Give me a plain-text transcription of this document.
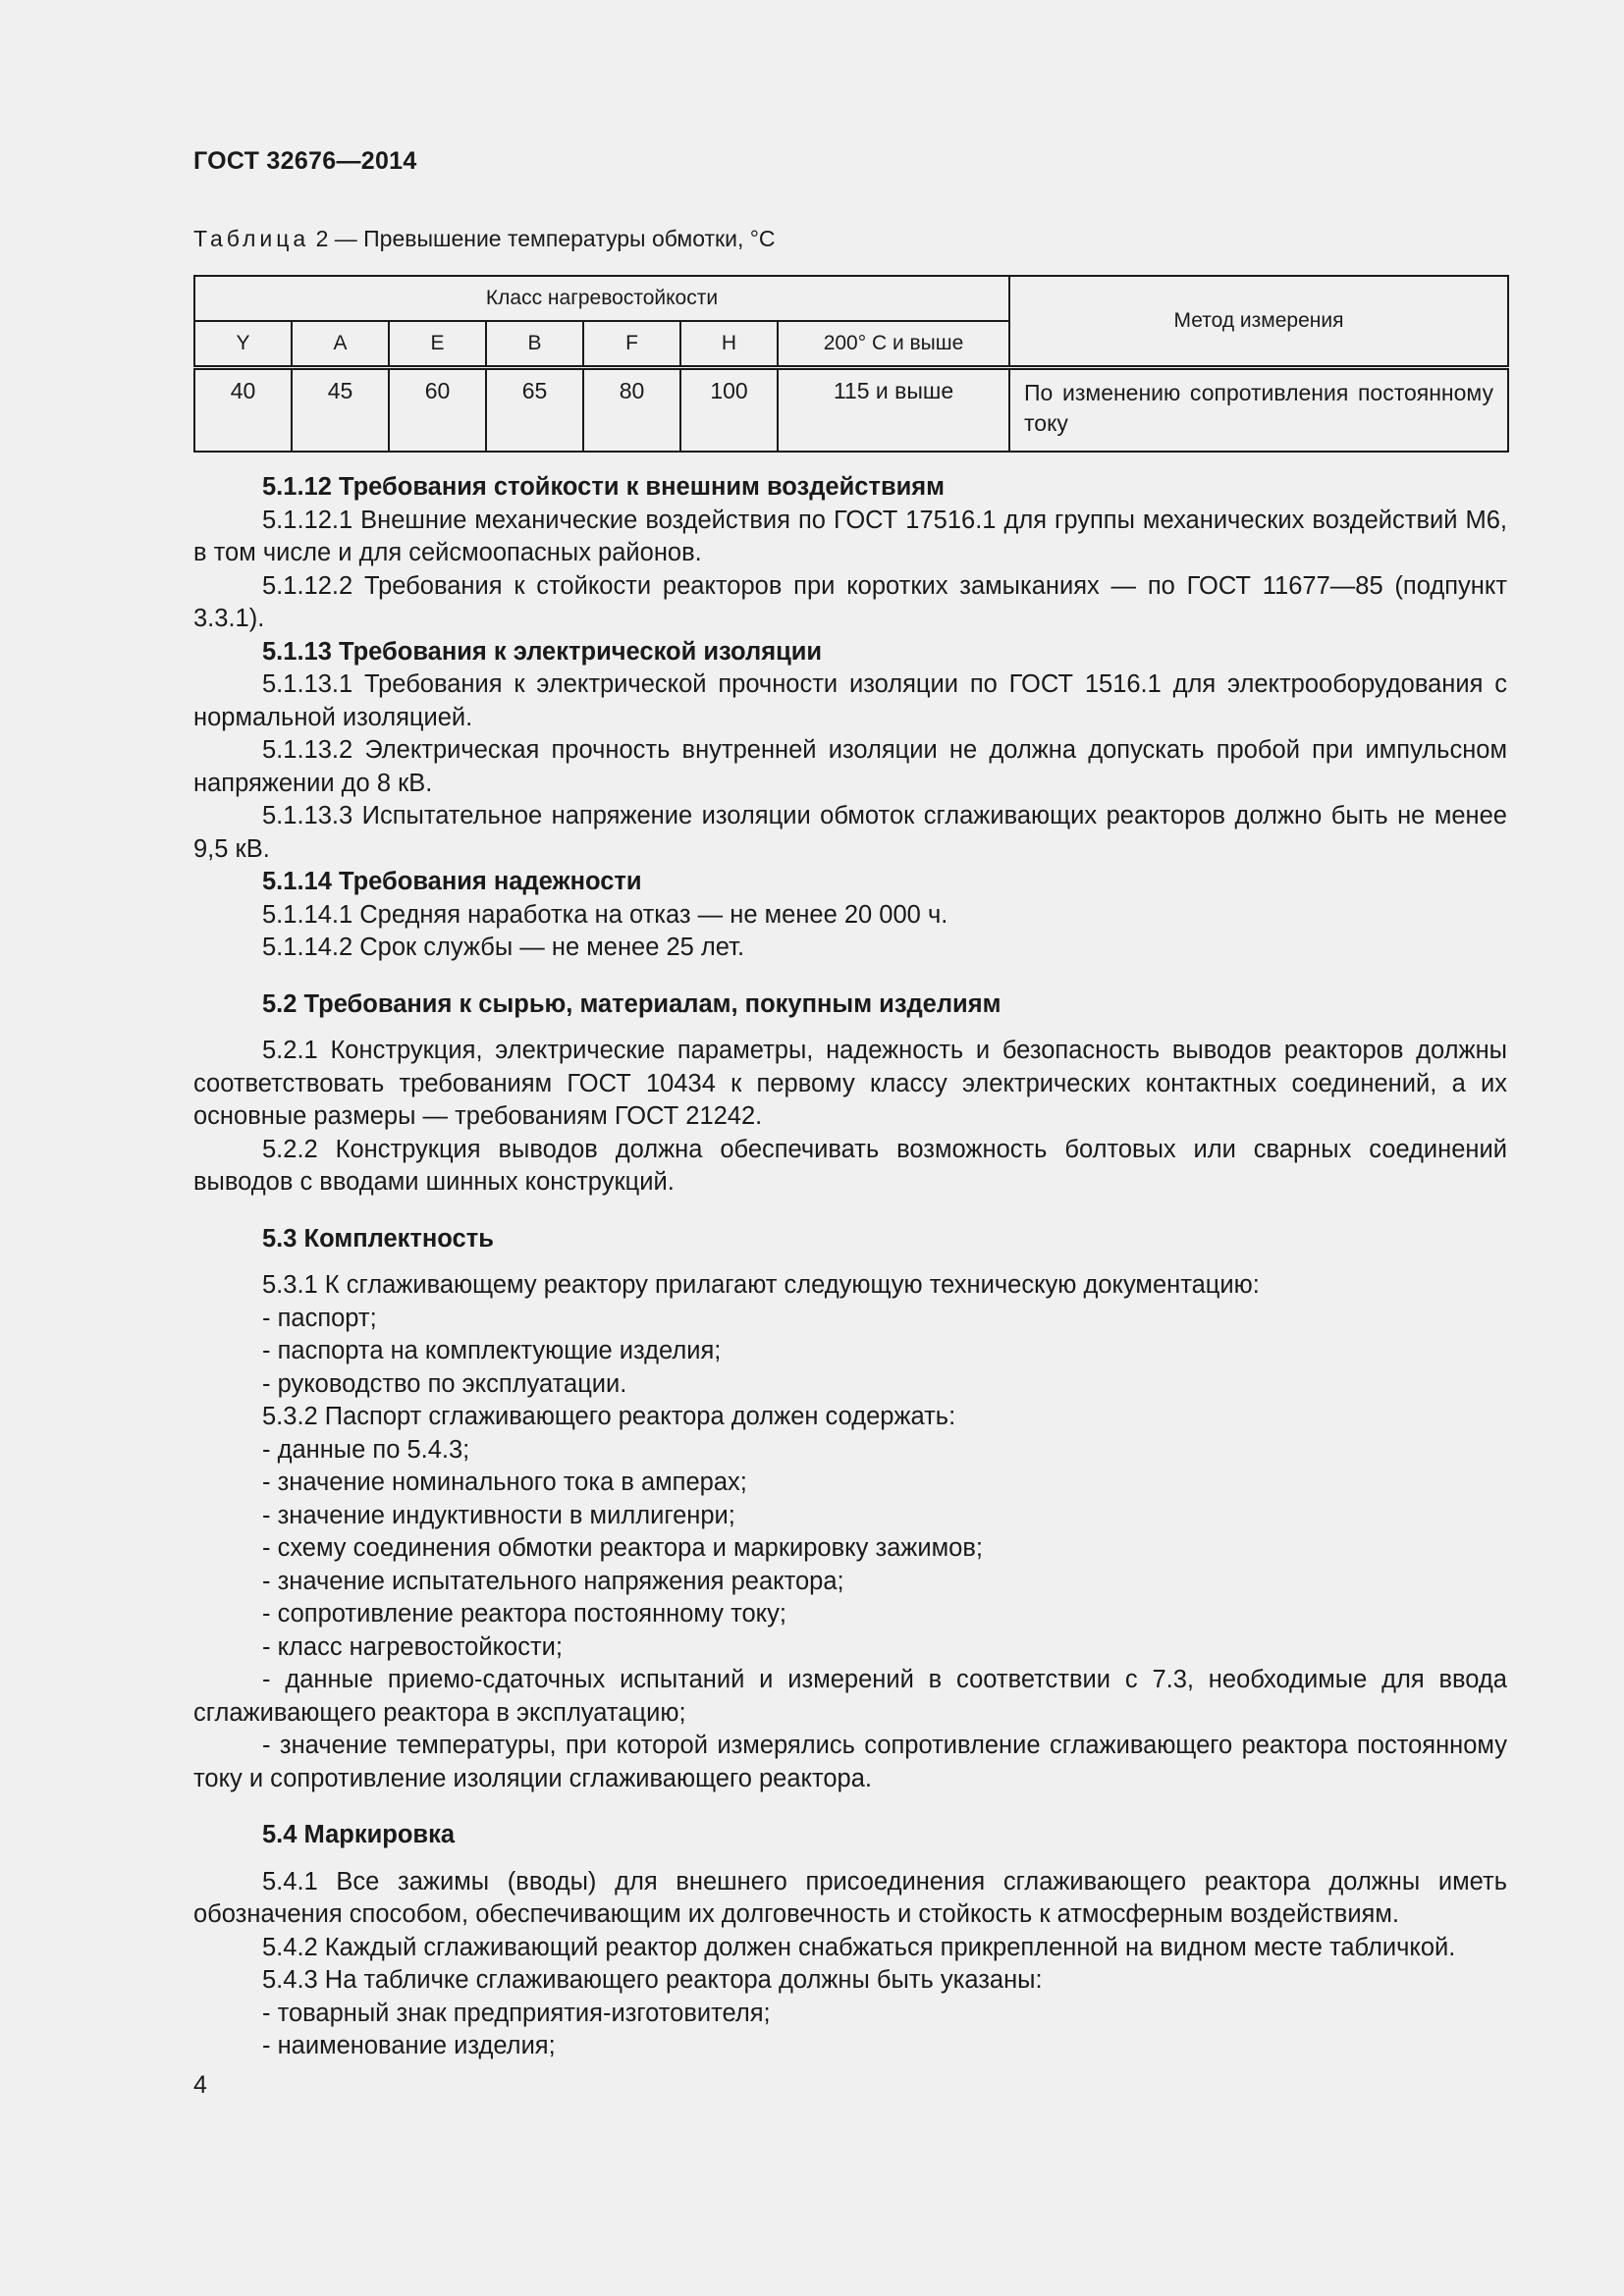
ГОСТ 32676—2014
Таблица 2 — Превышение температуры обмотки, °С
Класс нагревостойкости							Метод измерения
Y	A	E	B	F	H	200° С и выше	
40	45	60	65	80	100	115 и выше	По изменению сопротивления постоянному току

5.1.12 Требования стойкости к внешним воздействиям

5.1.12.1 Внешние механические воздействия по ГОСТ 17516.1 для группы механических воздействий М6, в том числе и для сейсмоопасных районов.

5.1.12.2 Требования к стойкости реакторов при коротких замыканиях — по ГОСТ 11677—85 (подпункт 3.3.1).

5.1.13 Требования к электрической изоляции

5.1.13.1 Требования к электрической прочности изоляции по ГОСТ 1516.1 для электрооборудования с нормальной изоляцией.

5.1.13.2 Электрическая прочность внутренней изоляции не должна допускать пробой при импульсном напряжении до 8 кВ.

5.1.13.3 Испытательное напряжение изоляции обмоток сглаживающих реакторов должно быть не менее 9,5 кВ.

5.1.14 Требования надежности

5.1.14.1 Средняя наработка на отказ — не менее 20 000 ч.

5.1.14.2 Срок службы — не менее 25 лет.

5.2 Требования к сырью, материалам, покупным изделиям

5.2.1 Конструкция, электрические параметры, надежность и безопасность выводов реакторов должны соответствовать требованиям ГОСТ 10434 к первому классу электрических контактных соединений, а их основные размеры — требованиям ГОСТ 21242.

5.2.2 Конструкция выводов должна обеспечивать возможность болтовых или сварных соединений выводов с вводами шинных конструкций.

5.3 Комплектность

5.3.1 К сглаживающему реактору прилагают следующую техническую документацию:

- паспорт;

- паспорта на комплектующие изделия;

- руководство по эксплуатации.

5.3.2 Паспорт сглаживающего реактора должен содержать:

- данные по 5.4.3;

- значение номинального тока в амперах;

- значение индуктивности в миллигенри;

- схему соединения обмотки реактора и маркировку зажимов;

- значение испытательного напряжения реактора;

- сопротивление реактора постоянному току;

- класс нагревостойкости;

- данные приемо-сдаточных испытаний и измерений в соответствии с 7.3, необходимые для ввода сглаживающего реактора в эксплуатацию;

- значение температуры, при которой измерялись сопротивление сглаживающего реактора постоянному току и сопротивление изоляции сглаживающего реактора.

5.4 Маркировка

5.4.1 Все зажимы (вводы) для внешнего присоединения сглаживающего реактора должны иметь обозначения способом, обеспечивающим их долговечность и стойкость к атмосферным воздействиям.

5.4.2 Каждый сглаживающий реактор должен снабжаться прикрепленной на видном месте табличкой.

5.4.3 На табличке сглаживающего реактора должны быть указаны:

- товарный знак предприятия-изготовителя;

- наименование изделия;

4
